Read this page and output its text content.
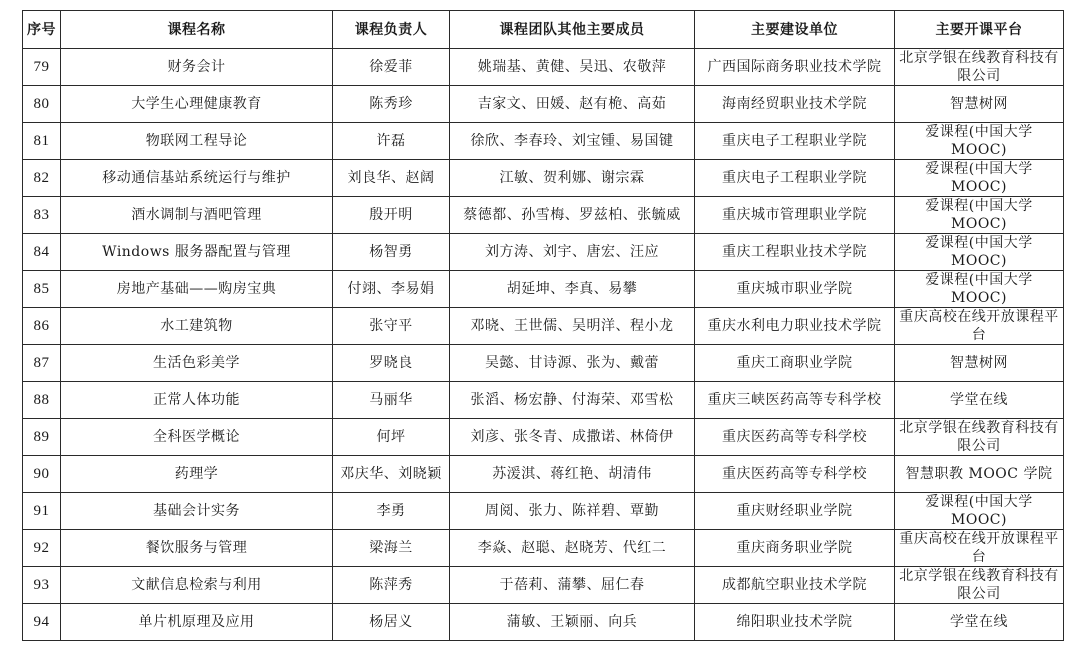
序号	课程名称	课程负责人	课程团队其他主要成员	主要建设单位	主要开课平台
79	财务会计	徐爱菲	姚瑞基、黄健、吴迅、农敬萍	广西国际商务职业技术学院	北京学银在线教育科技有限公司
80	大学生心理健康教育	陈秀珍	吉家文、田媛、赵有桅、高茹	海南经贸职业技术学院	智慧树网
81	物联网工程导论	许磊	徐欣、李春玲、刘宝锺、易国键	重庆电子工程职业学院	爱课程(中国大学 MOOC)
82	移动通信基站系统运行与维护	刘良华、赵阔	江敏、贺利娜、谢宗霖	重庆电子工程职业学院	爱课程(中国大学 MOOC)
83	酒水调制与酒吧管理	殷开明	蔡德都、孙雪梅、罗兹柏、张毓威	重庆城市管理职业学院	爱课程(中国大学 MOOC)
84	Windows 服务器配置与管理	杨智勇	刘方涛、刘宇、唐宏、汪应	重庆工程职业技术学院	爱课程(中国大学 MOOC)
85	房地产基础——购房宝典	付翊、李易娟	胡延坤、李真、易攀	重庆城市职业学院	爱课程(中国大学 MOOC)
86	水工建筑物	张守平	邓晓、王世儒、吴明洋、程小龙	重庆水利电力职业技术学院	重庆高校在线开放课程平台
87	生活色彩美学	罗晓良	吴懿、甘诗源、张为、戴蕾	重庆工商职业学院	智慧树网
88	正常人体功能	马丽华	张滔、杨宏静、付海荣、邓雪松	重庆三峡医药高等专科学校	学堂在线
89	全科医学概论	何坪	刘彦、张冬青、成撒诺、林倚伊	重庆医药高等专科学校	北京学银在线教育科技有限公司
90	药理学	邓庆华、刘晓颖	苏湲淇、蒋红艳、胡清伟	重庆医药高等专科学校	智慧职教 MOOC 学院
91	基础会计实务	李勇	周阅、张力、陈祥碧、覃勤	重庆财经职业学院	爱课程(中国大学 MOOC)
92	餐饮服务与管理	梁海兰	李焱、赵聪、赵晓芳、代红二	重庆商务职业学院	重庆高校在线开放课程平台
93	文献信息检索与利用	陈萍秀	于蓓莉、蒲攀、屈仁春	成都航空职业技术学院	北京学银在线教育科技有限公司
94	单片机原理及应用	杨居义	蒲敏、王颖丽、向兵	绵阳职业技术学院	学堂在线
